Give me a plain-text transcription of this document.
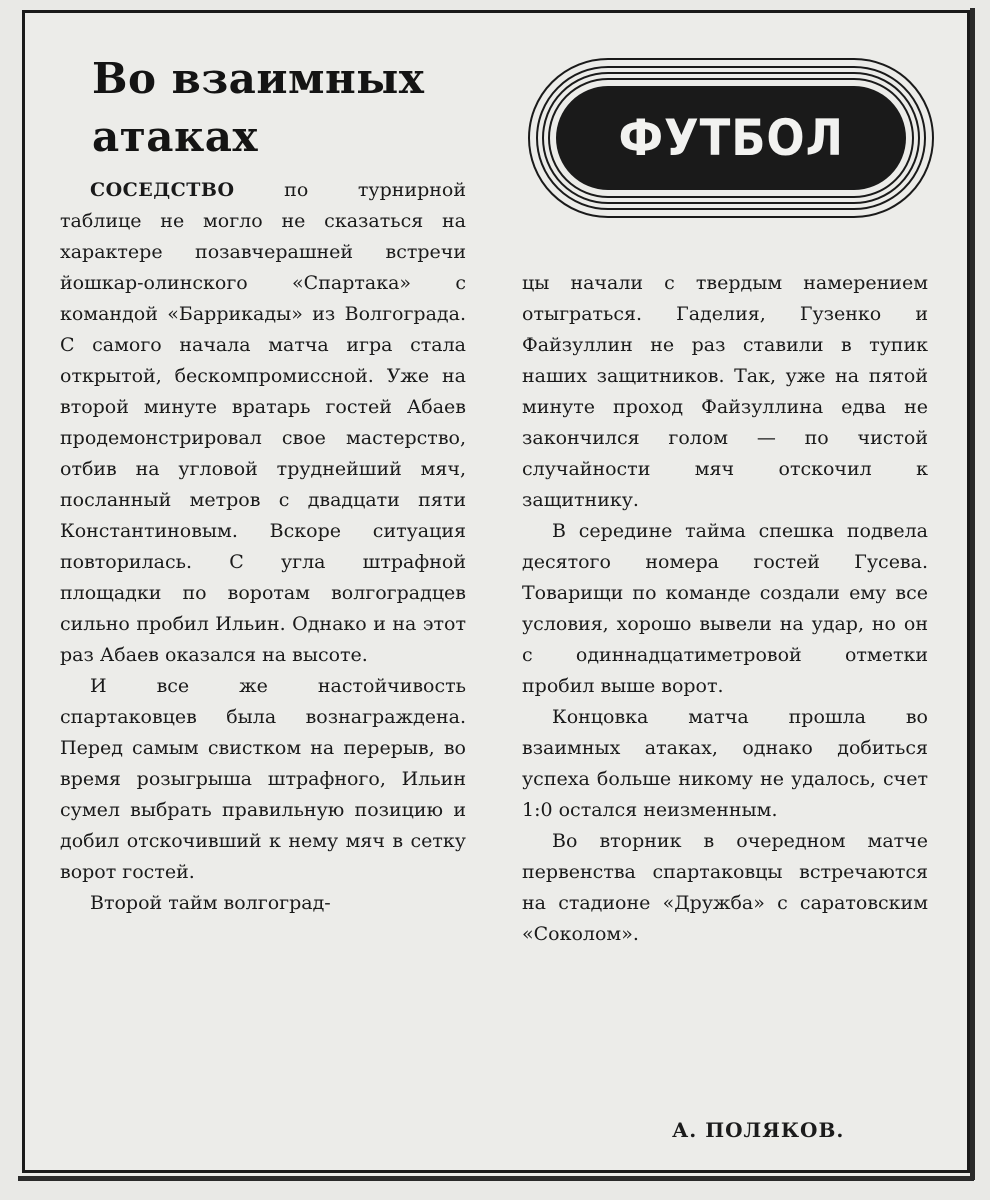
Во взаимных атаках	ФУТБОЛ

СОСЕДСТВО по турнирной таблице не могло не сказаться на характере позавчерашней встречи йошкар-олинского «Спартака» с командой «Баррикады» из Волгограда. С самого начала матча игра стала открытой, бескомпромиссной. Уже на второй минуте вратарь гостей Абаев продемонстрировал свое мастерство, отбив на угловой труднейший мяч, посланный метров с двадцати пяти Константиновым. Вскоре ситуация повторилась. С угла штрафной площадки по воротам волгоградцев сильно пробил Ильин. Однако и на этот раз Абаев оказался на высоте.

И все же настойчивость спартаковцев была вознаграждена. Перед самым свистком на перерыв, во время розыгрыша штрафного, Ильин сумел выбрать правильную позицию и добил отскочивший к нему мяч в сетку ворот гостей.

Второй тайм волгоград-

цы начали с твердым намерением отыграться. Гаделия, Гузенко и Файзуллин не раз ставили в тупик наших защитников. Так, уже на пятой минуте проход Файзуллина едва не закончился голом — по чистой случайности мяч отскочил к защитнику.

В середине тайма спешка подвела десятого номера гостей Гусева. Товарищи по команде создали ему все условия, хорошо вывели на удар, но он с одиннадцатиметровой отметки пробил выше ворот.

Концовка матча прошла во взаимных атаках, однако добиться успеха больше никому не удалось, счет 1:0 остался неизменным.

Во вторник в очередном матче первенства спартаковцы встречаются на стадионе «Дружба» с саратовским «Соколом».

А. ПОЛЯКОВ.
